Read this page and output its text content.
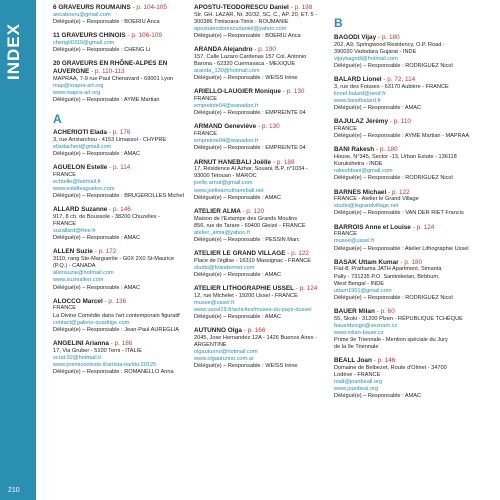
INDEX
210
6 GRAVEURS ROUMAINS - p. 104-105
ancaboeru@gmail.com
Délégué(e) – Responsable : BOERIU Anca
11 GRAVEURS CHINOIS - p. 106-109
chengli0310@gmail.com
Délégué(e) – Responsable : CHENG Li
20 GRAVEURS EN RHÔNE-ALPES EN AUVERGNE - p. 110-113
MAPRAA, 7-9 rue Paul Chenavard - 69001 Lyon
map@mapra-art.org
www.mapra-art.org
Délégué(e) – Responsable : AYME Martian
A
ACHERIOTI Elada - p. 176
3, rue Aristarchou - 4153 Limassol - CHYPRE
elladacheri@gmail.com
Délégué(e) – Responsable : AMAC
AGUELON Estelle - p. 114
FRANCE
echtelle@hotmail.fr
www.estelleaguelon.com
Délégué(e) – Responsable : BRUGEROLLES Michel
ALLARD Suzanne - p. 146
917, 8 ch. de Boussole - 38200 Chuzelles -
FRANCE
suzallard@free.fr
Délégué(e) – Responsable : AMAC
ALLEN Suzie - p. 172
3110, rang Ste-Marguerite - G0X 2X0 St-Maurice
(P.Q.) - CANADA
allensuzie@hotmail.com
www.suzieallen.com
Délégué(e) – Responsable : AMAC
ALOCCO Marcel - p. 136
FRANCE
La Divine Comédie dans l'art contemporain figuratif
contact@galerie-quadrige.com
Délégué(e) – Responsable : Jean-Paul AUREGLIA
ANGELINI Arianna - p. 186
17, Via Gruber - 5100 Terni - ITALIE
scrat.92@hotmail.it
www.premioceleste.it/artista-ita/idu:20125
Délégué(e) – Responsable : ROMANELLO Anna
APOSTU-TEODORESCU Daniel - p. 198
Str. GH. LAZAR, Nr. 30/32, SC. C., AP. 20, ET. 5 -
300386 Timisoara-Timis - ROUMANIE
apostuteodorescudaniel@yahoo.com
Délégué(e) – Responsable : BOERIU Anca
ARANDA Alejandro - p. 190
157, Calle Lazaro Cardenas 157 Col. Antonio
Barona - 62320 Cuernavaca - MEXIQUE
aranda_130@hotmail.com
Délégué(e) – Responsable : WEISS Irène
ARIELLO-LAUGIER Monique - p. 130
FRANCE
empreinte04@wanadoo.fr
Délégué(e) – Responsable : EMPREINTE 04
ARMAND Geneviève - p. 130
FRANCE
empreinte04@wanadoo.fr
Délégué(e) – Responsable : EMPREINTE 04
ARNUT HANEBALI Joëlle - p. 188
17, Résidence Al Azhar, Souani, B.P. n°1034 -
93000 Tetouan - MAROC
joelle.arnut@gmail.com
www.joellearnuthanebali.net
Délégué(e) – Responsable : AMAC
ATELIER ALMA - p. 120
Maison de l'Estampe des Grands Moulins
856, rue de Tarare - 69400 Gleizé - FRANCE
atelier_alma@yahoo.fr
Délégué(e) – Responsable : PESSIN Marc
ATELIER LE GRAND VILLAGE - p. 122
Place de l'église - 16310 Massignac - FRANCE
studio@fvandenriet.com
Délégué(e) – Responsable : AMAC
ATELIER LITHOGRAPHIE USSEL - p. 124
12, rue Michelet - 19200 Ussel - FRANCE
musee@ussel.fr
www.ussel19.fr/activites/musee-du-pays-dussel
Délégué(e) – Responsable : AMAC
AUTUNNO Olga - p. 166
2045, Jose Hernandez 12A - 1426 Buenos Aires -
ARGENTINE
olgautunno@hotmail.com
www.olgautunno.com.ar
Délégué(e) – Responsable : WEISS Irène
B
BAGODI Vijay - p. 180
202, A9, Springwood Residency, O.P. Road -
390020 Vadodara Gujarat - INDE
vijaybagodi@hotmail.com
Délégué(e) – Responsable : RODRIGUEZ Nicol
BALARD Lionel - p. 72, 114
3, rue des Foisses - 63170 Aubière - FRANCE
lionel.balard@neuf.fr
www.lionelbalard.fr
Délégué(e) – Responsable : AMAC
BAJULAZ Jérémy - p. 110
FRANCE
Délégué(e) – Responsable : AYME Martian - MAPRAA
BANI Rakesh - p. 180
House, N°345, Sector -13, Urban Estate - 136118
Kurukshetra - INDE
rakeshbani@gmail.com
Délégué(e) – Responsable : RODRIGUEZ Nicol
BARNES Michael - p. 122
FRANCE - Atelier le Grand Village
studio@legrandvillage.net
Délégué(e) – Responsable : VAN DER RIET Francis
BARROIS Anne et Louise - p. 124
FRANCE
musee@ussel.fr
Délégué(e) – Responsable : Atelier Lithographie Ussel
BASAK Uttam Kumar - p. 180
Flat-8, Prathama JATH Apartment, Simanta
Pally - 731235 P.O. Santiniketan, Birbhum,
West Bengal - INDE
uttam1961@gmail.com
Délégué(e) – Responsable : RODRIGUEZ Nicol
BAUER Milan - p. 60
55, Skoki - 31200 Plzen - RÉPUBLIQUE TCHÈQUE
bauerdesign@seznam.cz
www.milan-bauer.cz
Prime 9e Triennale - Mention spéciale du Jury
de la 9e Triennale
BEALL Joan - p. 146
Domaine de Belbezet, Route d'Olmet - 34700
Lodève - FRANCE
mail@joanbeall.org
www.joanbeal.org
Délégué(e) – Responsable : AMAC
